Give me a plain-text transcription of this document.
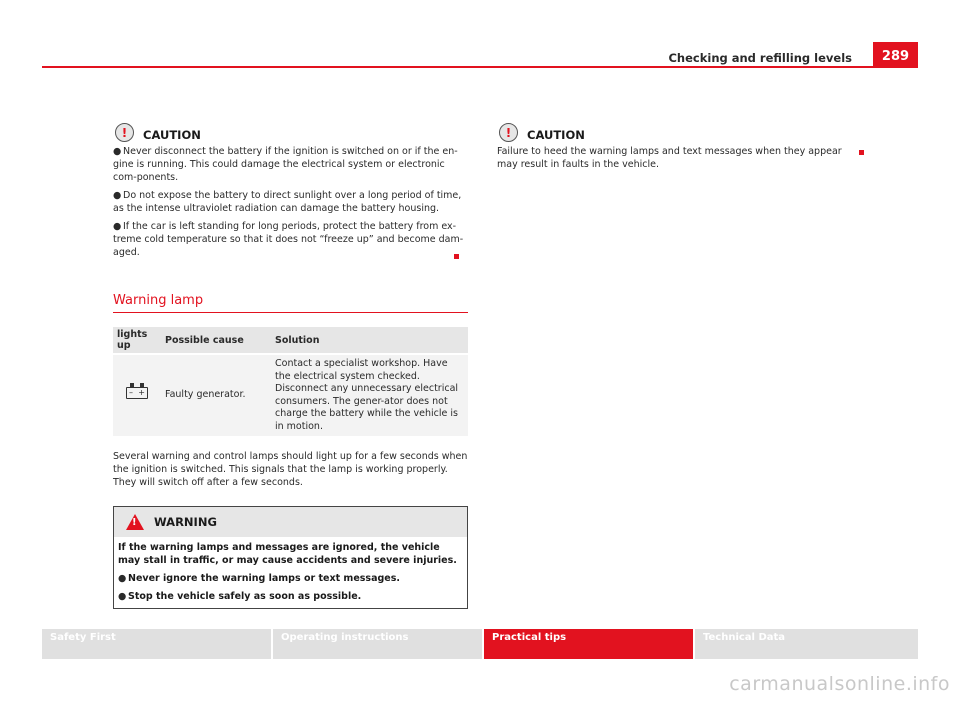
Checking and refilling levels	289
!	CAUTION

● Never disconnect the battery if the ignition is switched on or if the en-gine is running. This could damage the electrical system or electronic com-ponents.

● Do not expose the battery to direct sunlight over a long period of time, as the intense ultraviolet radiation can damage the battery housing.

● If the car is left standing for long periods, protect the battery from ex-treme cold temperature so that it does not “freeze up” and become dam-aged.

Warning lamp
lights up	Possible cause	Solution

– +	Faulty generator.	Contact a specialist workshop. Have the electrical system checked. Disconnect any unnecessary electrical consumers. The gener-ator does not charge the battery while the vehicle is in motion.

Several warning and control lamps should light up for a few seconds when the ignition is switched. This signals that the lamp is working properly. They will switch off after a few seconds.

! WARNING

If the warning lamps and messages are ignored, the vehicle may stall in traffic, or may cause accidents and severe injuries.

● Never ignore the warning lamps or text messages.

● Stop the vehicle safely as soon as possible.

!	CAUTION

Failure to heed the warning lamps and text messages when they appear may result in faults in the vehicle.

Safety First	Operating instructions	Practical tips	Technical Data
carmanualsonline.info
